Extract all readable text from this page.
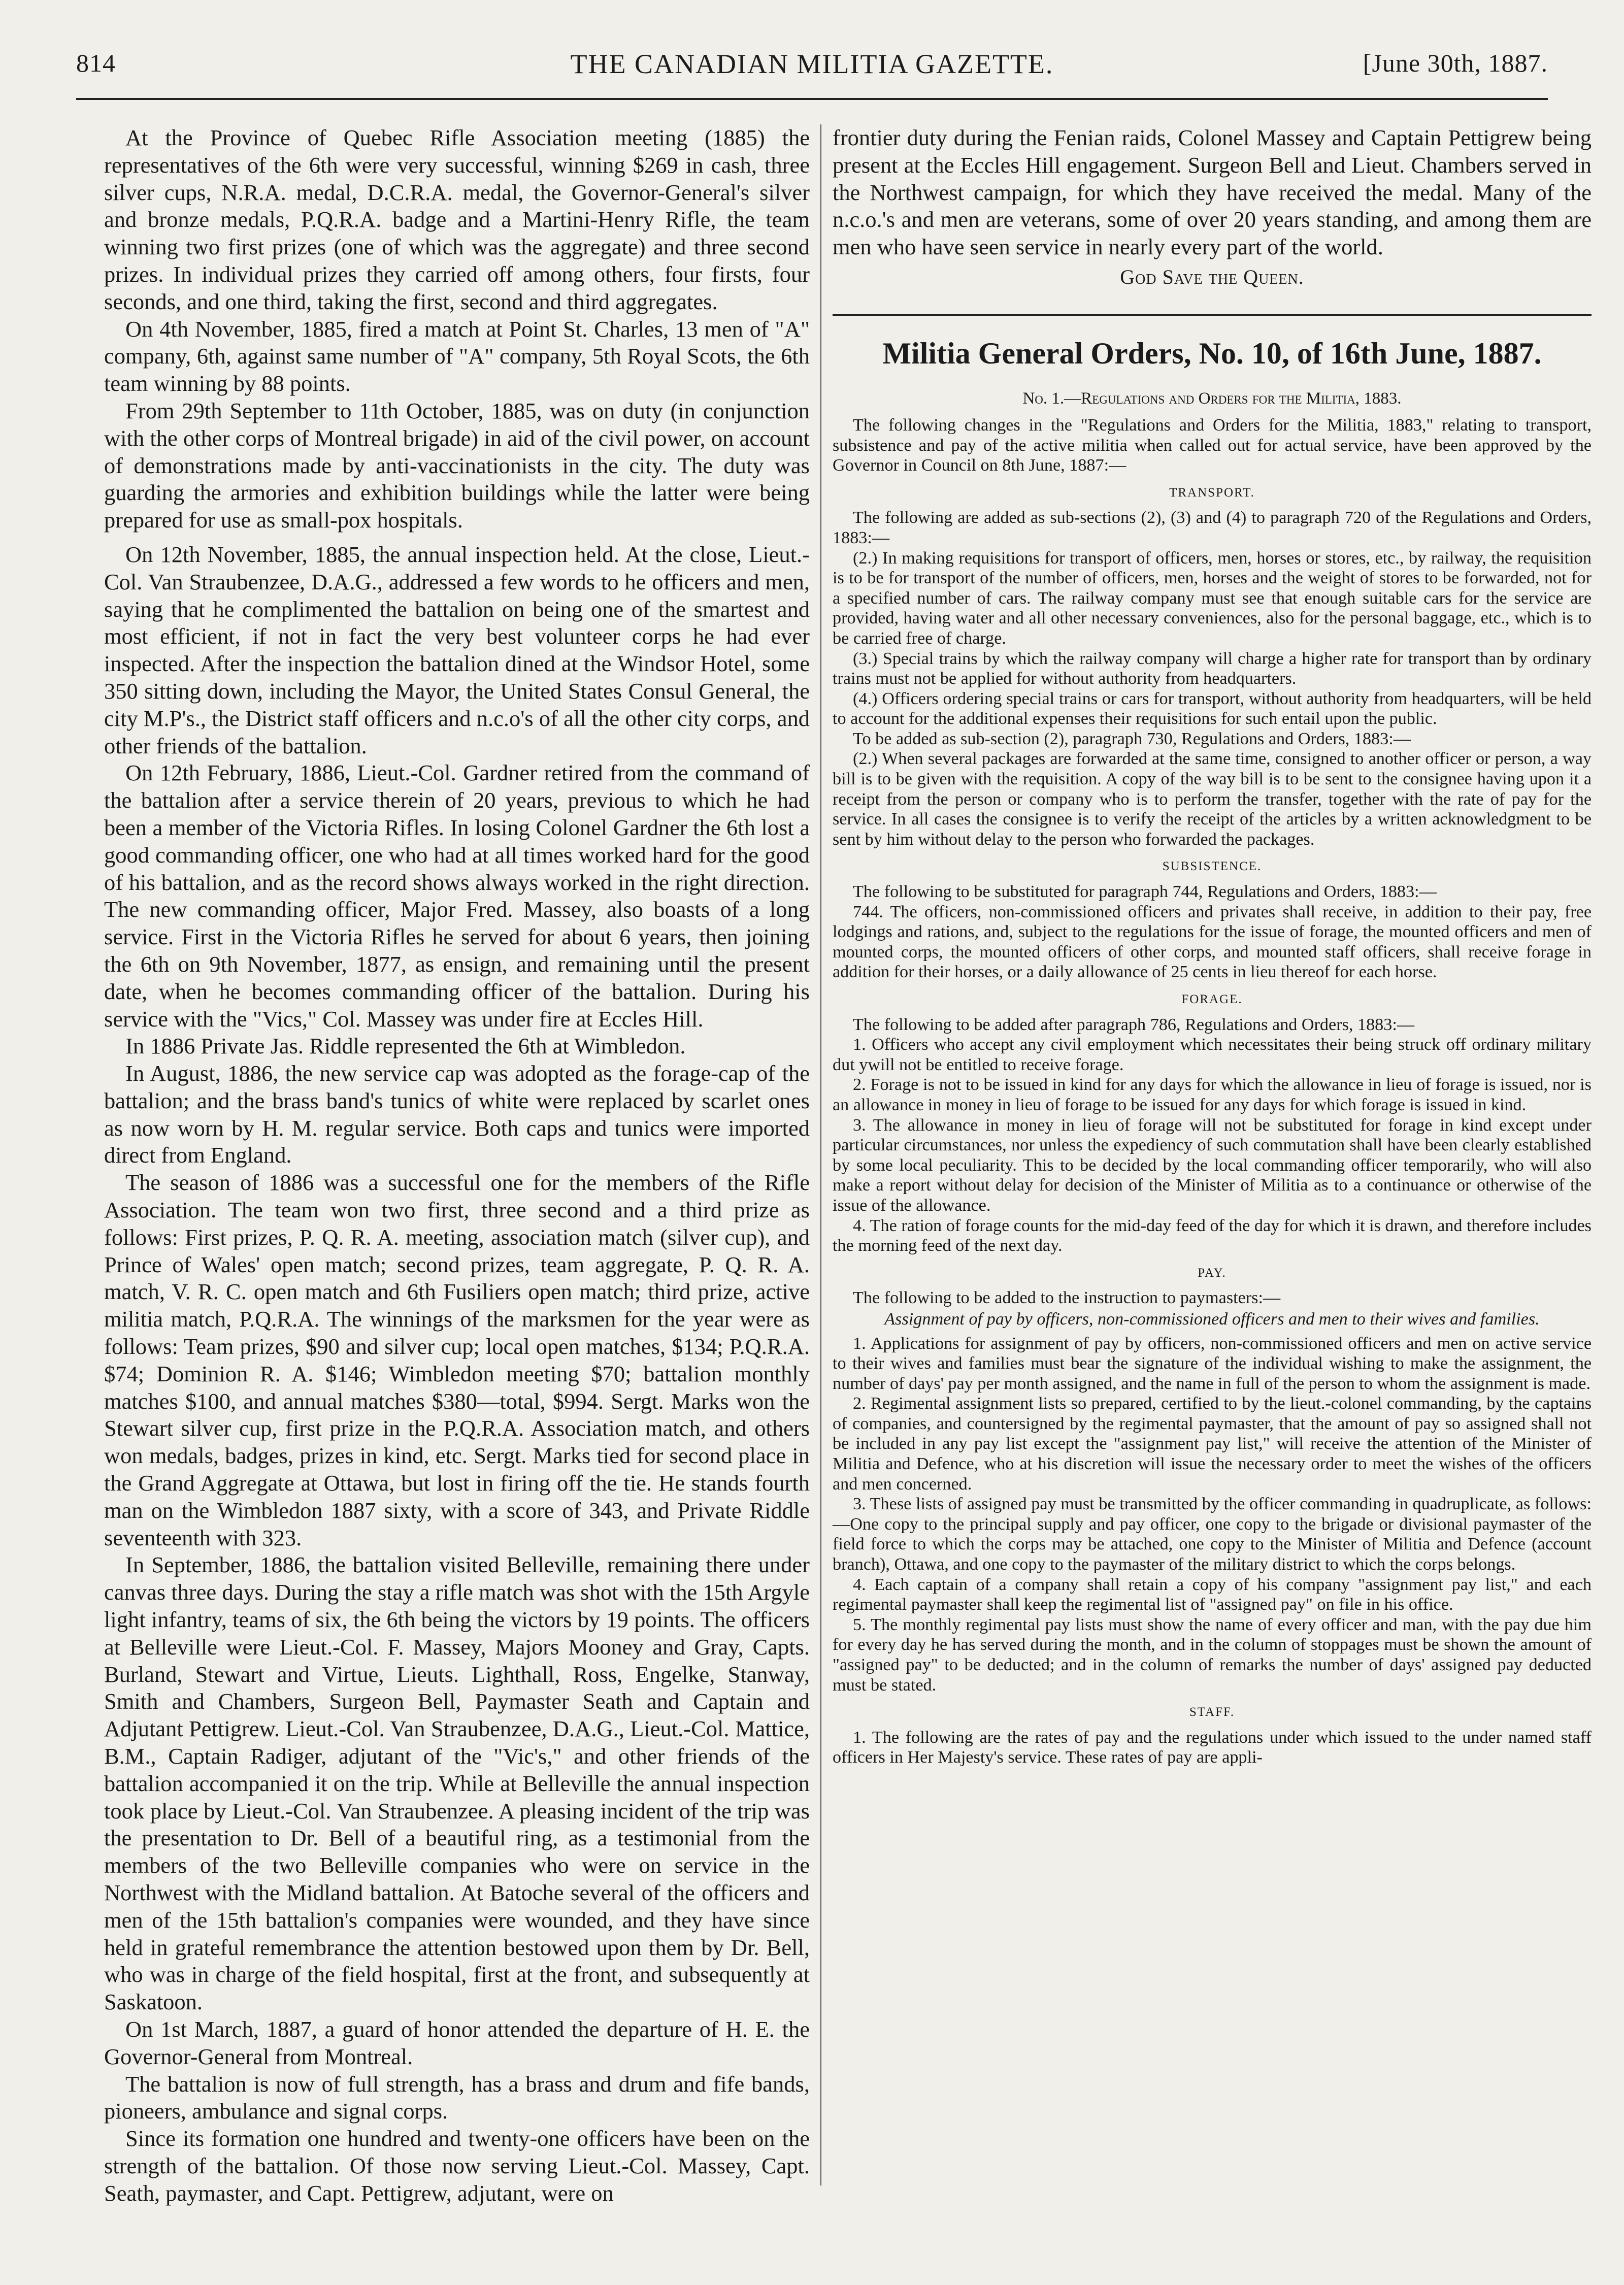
814	THE CANADIAN MILITIA GAZETTE.	[June 30th, 1887.

At the Province of Quebec Rifle Association meeting (1885) the representatives of the 6th were very successful, winning $269 in cash, three silver cups, N.R.A. medal, D.C.R.A. medal, the Governor-General's silver and bronze medals, P.Q.R.A. badge and a Martini-Henry Rifle, the team winning two first prizes (one of which was the aggregate) and three second prizes. In individual prizes they carried off among others, four firsts, four seconds, and one third, taking the first, second and third aggregates.

On 4th November, 1885, fired a match at Point St. Charles, 13 men of "A" company, 6th, against same number of "A" company, 5th Royal Scots, the 6th team winning by 88 points.

From 29th September to 11th October, 1885, was on duty (in conjunction with the other corps of Montreal brigade) in aid of the civil power, on account of demonstrations made by anti-vaccinationists in the city. The duty was guarding the armories and exhibition buildings while the latter were being prepared for use as small-pox hospitals.

On 12th November, 1885, the annual inspection held. At the close, Lieut.-Col. Van Straubenzee, D.A.G., addressed a few words to he officers and men, saying that he complimented the battalion on being one of the smartest and most efficient, if not in fact the very best volunteer corps he had ever inspected. After the inspection the battalion dined at the Windsor Hotel, some 350 sitting down, including the Mayor, the United States Consul General, the city M.P's., the District staff officers and n.c.o's of all the other city corps, and other friends of the battalion.

On 12th February, 1886, Lieut.-Col. Gardner retired from the command of the battalion after a service therein of 20 years, previous to which he had been a member of the Victoria Rifles. In losing Colonel Gardner the 6th lost a good commanding officer, one who had at all times worked hard for the good of his battalion, and as the record shows always worked in the right direction. The new commanding officer, Major Fred. Massey, also boasts of a long service. First in the Victoria Rifles he served for about 6 years, then joining the 6th on 9th November, 1877, as ensign, and remaining until the present date, when he becomes commanding officer of the battalion. During his service with the "Vics," Col. Massey was under fire at Eccles Hill.

In 1886 Private Jas. Riddle represented the 6th at Wimbledon.

In August, 1886, the new service cap was adopted as the forage-cap of the battalion; and the brass band's tunics of white were replaced by scarlet ones as now worn by H. M. regular service. Both caps and tunics were imported direct from England.

The season of 1886 was a successful one for the members of the Rifle Association. The team won two first, three second and a third prize as follows: First prizes, P. Q. R. A. meeting, association match (silver cup), and Prince of Wales' open match; second prizes, team aggregate, P. Q. R. A. match, V. R. C. open match and 6th Fusiliers open match; third prize, active militia match, P.Q.R.A. The winnings of the marksmen for the year were as follows: Team prizes, $90 and silver cup; local open matches, $134; P.Q.R.A. $74; Dominion R. A. $146; Wimbledon meeting $70; battalion monthly matches $100, and annual matches $380—total, $994. Sergt. Marks won the Stewart silver cup, first prize in the P.Q.R.A. Association match, and others won medals, badges, prizes in kind, etc. Sergt. Marks tied for second place in the Grand Aggregate at Ottawa, but lost in firing off the tie. He stands fourth man on the Wimbledon 1887 sixty, with a score of 343, and Private Riddle seventeenth with 323.

In September, 1886, the battalion visited Belleville, remaining there under canvas three days. During the stay a rifle match was shot with the 15th Argyle light infantry, teams of six, the 6th being the victors by 19 points. The officers at Belleville were Lieut.-Col. F. Massey, Majors Mooney and Gray, Capts. Burland, Stewart and Virtue, Lieuts. Lighthall, Ross, Engelke, Stanway, Smith and Chambers, Surgeon Bell, Paymaster Seath and Captain and Adjutant Pettigrew. Lieut.-Col. Van Straubenzee, D.A.G., Lieut.-Col. Mattice, B.M., Captain Radiger, adjutant of the "Vic's," and other friends of the battalion accompanied it on the trip. While at Belleville the annual inspection took place by Lieut.-Col. Van Straubenzee. A pleasing incident of the trip was the presentation to Dr. Bell of a beautiful ring, as a testimonial from the members of the two Belleville companies who were on service in the Northwest with the Midland battalion. At Batoche several of the officers and men of the 15th battalion's companies were wounded, and they have since held in grateful remembrance the attention bestowed upon them by Dr. Bell, who was in charge of the field hospital, first at the front, and subsequently at Saskatoon.

On 1st March, 1887, a guard of honor attended the departure of H. E. the Governor-General from Montreal.

The battalion is now of full strength, has a brass and drum and fife bands, pioneers, ambulance and signal corps.

Since its formation one hundred and twenty-one officers have been on the strength of the battalion. Of those now serving Lieut.-Col. Massey, Capt. Seath, paymaster, and Capt. Pettigrew, adjutant, were on

frontier duty during the Fenian raids, Colonel Massey and Captain Pettigrew being present at the Eccles Hill engagement. Surgeon Bell and Lieut. Chambers served in the Northwest campaign, for which they have received the medal. Many of the n.c.o.'s and men are veterans, some of over 20 years standing, and among them are men who have seen service in nearly every part of the world.

God Save the Queen.

Militia General Orders, No. 10, of 16th June, 1887.
No. 1.—Regulations and Orders for the Militia, 1883.

The following changes in the "Regulations and Orders for the Militia, 1883," relating to transport, subsistence and pay of the active militia when called out for actual service, have been approved by the Governor in Council on 8th June, 1887:—

TRANSPORT.

The following are added as sub-sections (2), (3) and (4) to paragraph 720 of the Regulations and Orders, 1883:—

(2.) In making requisitions for transport of officers, men, horses or stores, etc., by railway, the requisition is to be for transport of the number of officers, men, horses and the weight of stores to be forwarded, not for a specified number of cars. The railway company must see that enough suitable cars for the service are provided, having water and all other necessary conveniences, also for the personal baggage, etc., which is to be carried free of charge.

(3.) Special trains by which the railway company will charge a higher rate for transport than by ordinary trains must not be applied for without authority from headquarters.

(4.) Officers ordering special trains or cars for transport, without authority from headquarters, will be held to account for the additional expenses their requisitions for such entail upon the public.

To be added as sub-section (2), paragraph 730, Regulations and Orders, 1883:—

(2.) When several packages are forwarded at the same time, consigned to another officer or person, a way bill is to be given with the requisition. A copy of the way bill is to be sent to the consignee having upon it a receipt from the person or company who is to perform the transfer, together with the rate of pay for the service. In all cases the consignee is to verify the receipt of the articles by a written acknowledgment to be sent by him without delay to the person who forwarded the packages.

SUBSISTENCE.

The following to be substituted for paragraph 744, Regulations and Orders, 1883:—

744. The officers, non-commissioned officers and privates shall receive, in addition to their pay, free lodgings and rations, and, subject to the regulations for the issue of forage, the mounted officers and men of mounted corps, the mounted officers of other corps, and mounted staff officers, shall receive forage in addition for their horses, or a daily allowance of 25 cents in lieu thereof for each horse.

FORAGE.

The following to be added after paragraph 786, Regulations and Orders, 1883:—

1. Officers who accept any civil employment which necessitates their being struck off ordinary military dut ywill not be entitled to receive forage.

2. Forage is not to be issued in kind for any days for which the allowance in lieu of forage is issued, nor is an allowance in money in lieu of forage to be issued for any days for which forage is issued in kind.

3. The allowance in money in lieu of forage will not be substituted for forage in kind except under particular circumstances, nor unless the expediency of such commutation shall have been clearly established by some local peculiarity. This to be decided by the local commanding officer temporarily, who will also make a report without delay for decision of the Minister of Militia as to a continuance or otherwise of the issue of the allowance.

4. The ration of forage counts for the mid-day feed of the day for which it is drawn, and therefore includes the morning feed of the next day.

PAY.

The following to be added to the instruction to paymasters:—

Assignment of pay by officers, non-commissioned officers and men to their wives and families.

1. Applications for assignment of pay by officers, non-commissioned officers and men on active service to their wives and families must bear the signature of the individual wishing to make the assignment, the number of days' pay per month assigned, and the name in full of the person to whom the assignment is made.

2. Regimental assignment lists so prepared, certified to by the lieut.-colonel commanding, by the captains of companies, and countersigned by the regimental paymaster, that the amount of pay so assigned shall not be included in any pay list except the "assignment pay list," will receive the attention of the Minister of Militia and Defence, who at his discretion will issue the necessary order to meet the wishes of the officers and men concerned.

3. These lists of assigned pay must be transmitted by the officer commanding in quadruplicate, as follows:—One copy to the principal supply and pay officer, one copy to the brigade or divisional paymaster of the field force to which the corps may be attached, one copy to the Minister of Militia and Defence (account branch), Ottawa, and one copy to the paymaster of the military district to which the corps belongs.

4. Each captain of a company shall retain a copy of his company "assignment pay list," and each regimental paymaster shall keep the regimental list of "assigned pay" on file in his office.

5. The monthly regimental pay lists must show the name of every officer and man, with the pay due him for every day he has served during the month, and in the column of stoppages must be shown the amount of "assigned pay" to be deducted; and in the column of remarks the number of days' assigned pay deducted must be stated.

STAFF.

1. The following are the rates of pay and the regulations under which issued to the under named staff officers in Her Majesty's service. These rates of pay are appli-
